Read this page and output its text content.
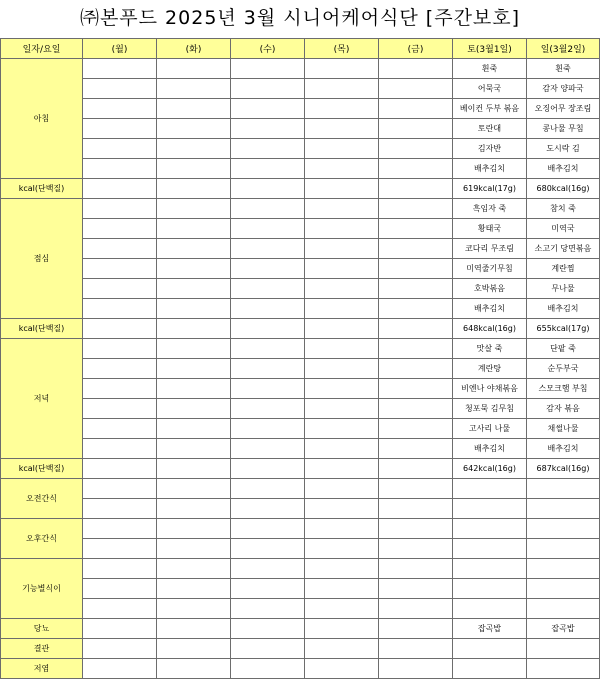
㈜본푸드 2025년 3월 시니어케어식단 [주간보호]
일자/요일	(월)	(화)	(수)	(목)	(금)	토(3월1일)	일(3월2일)
아침						흰죽	흰죽
						어묵국	감자 양파국
						베이컨 두부 볶음	오징어무 장조림
						토란대	콩나물 무침
						김자반	도시락 김
						배추김치	배추김치
kcal(단백질)						619kcal(17g)	680kcal(16g)
점심						흑임자 죽	참치 죽
						황태국	미역국
						코다리 무조림	소고기 당면볶음
						미역줄기무침	계란찜
						호박볶음	무나물
						배추김치	배추김치
kcal(단백질)						648kcal(16g)	655kcal(17g)
저녁						맛살 죽	단팥 죽
						계란탕	순두부국
						비엔나 야채볶음	스모크햄 부침
						청포묵 김무침	감자 볶음
						고사리 나물	채썰나물
						배추김치	배추김치
kcal(단백질)						642kcal(16g)	687kcal(16g)
오전간식							

오후간식							

기능별식이							

당뇨						잡곡밥	잡곡밥
결관							
저염							
